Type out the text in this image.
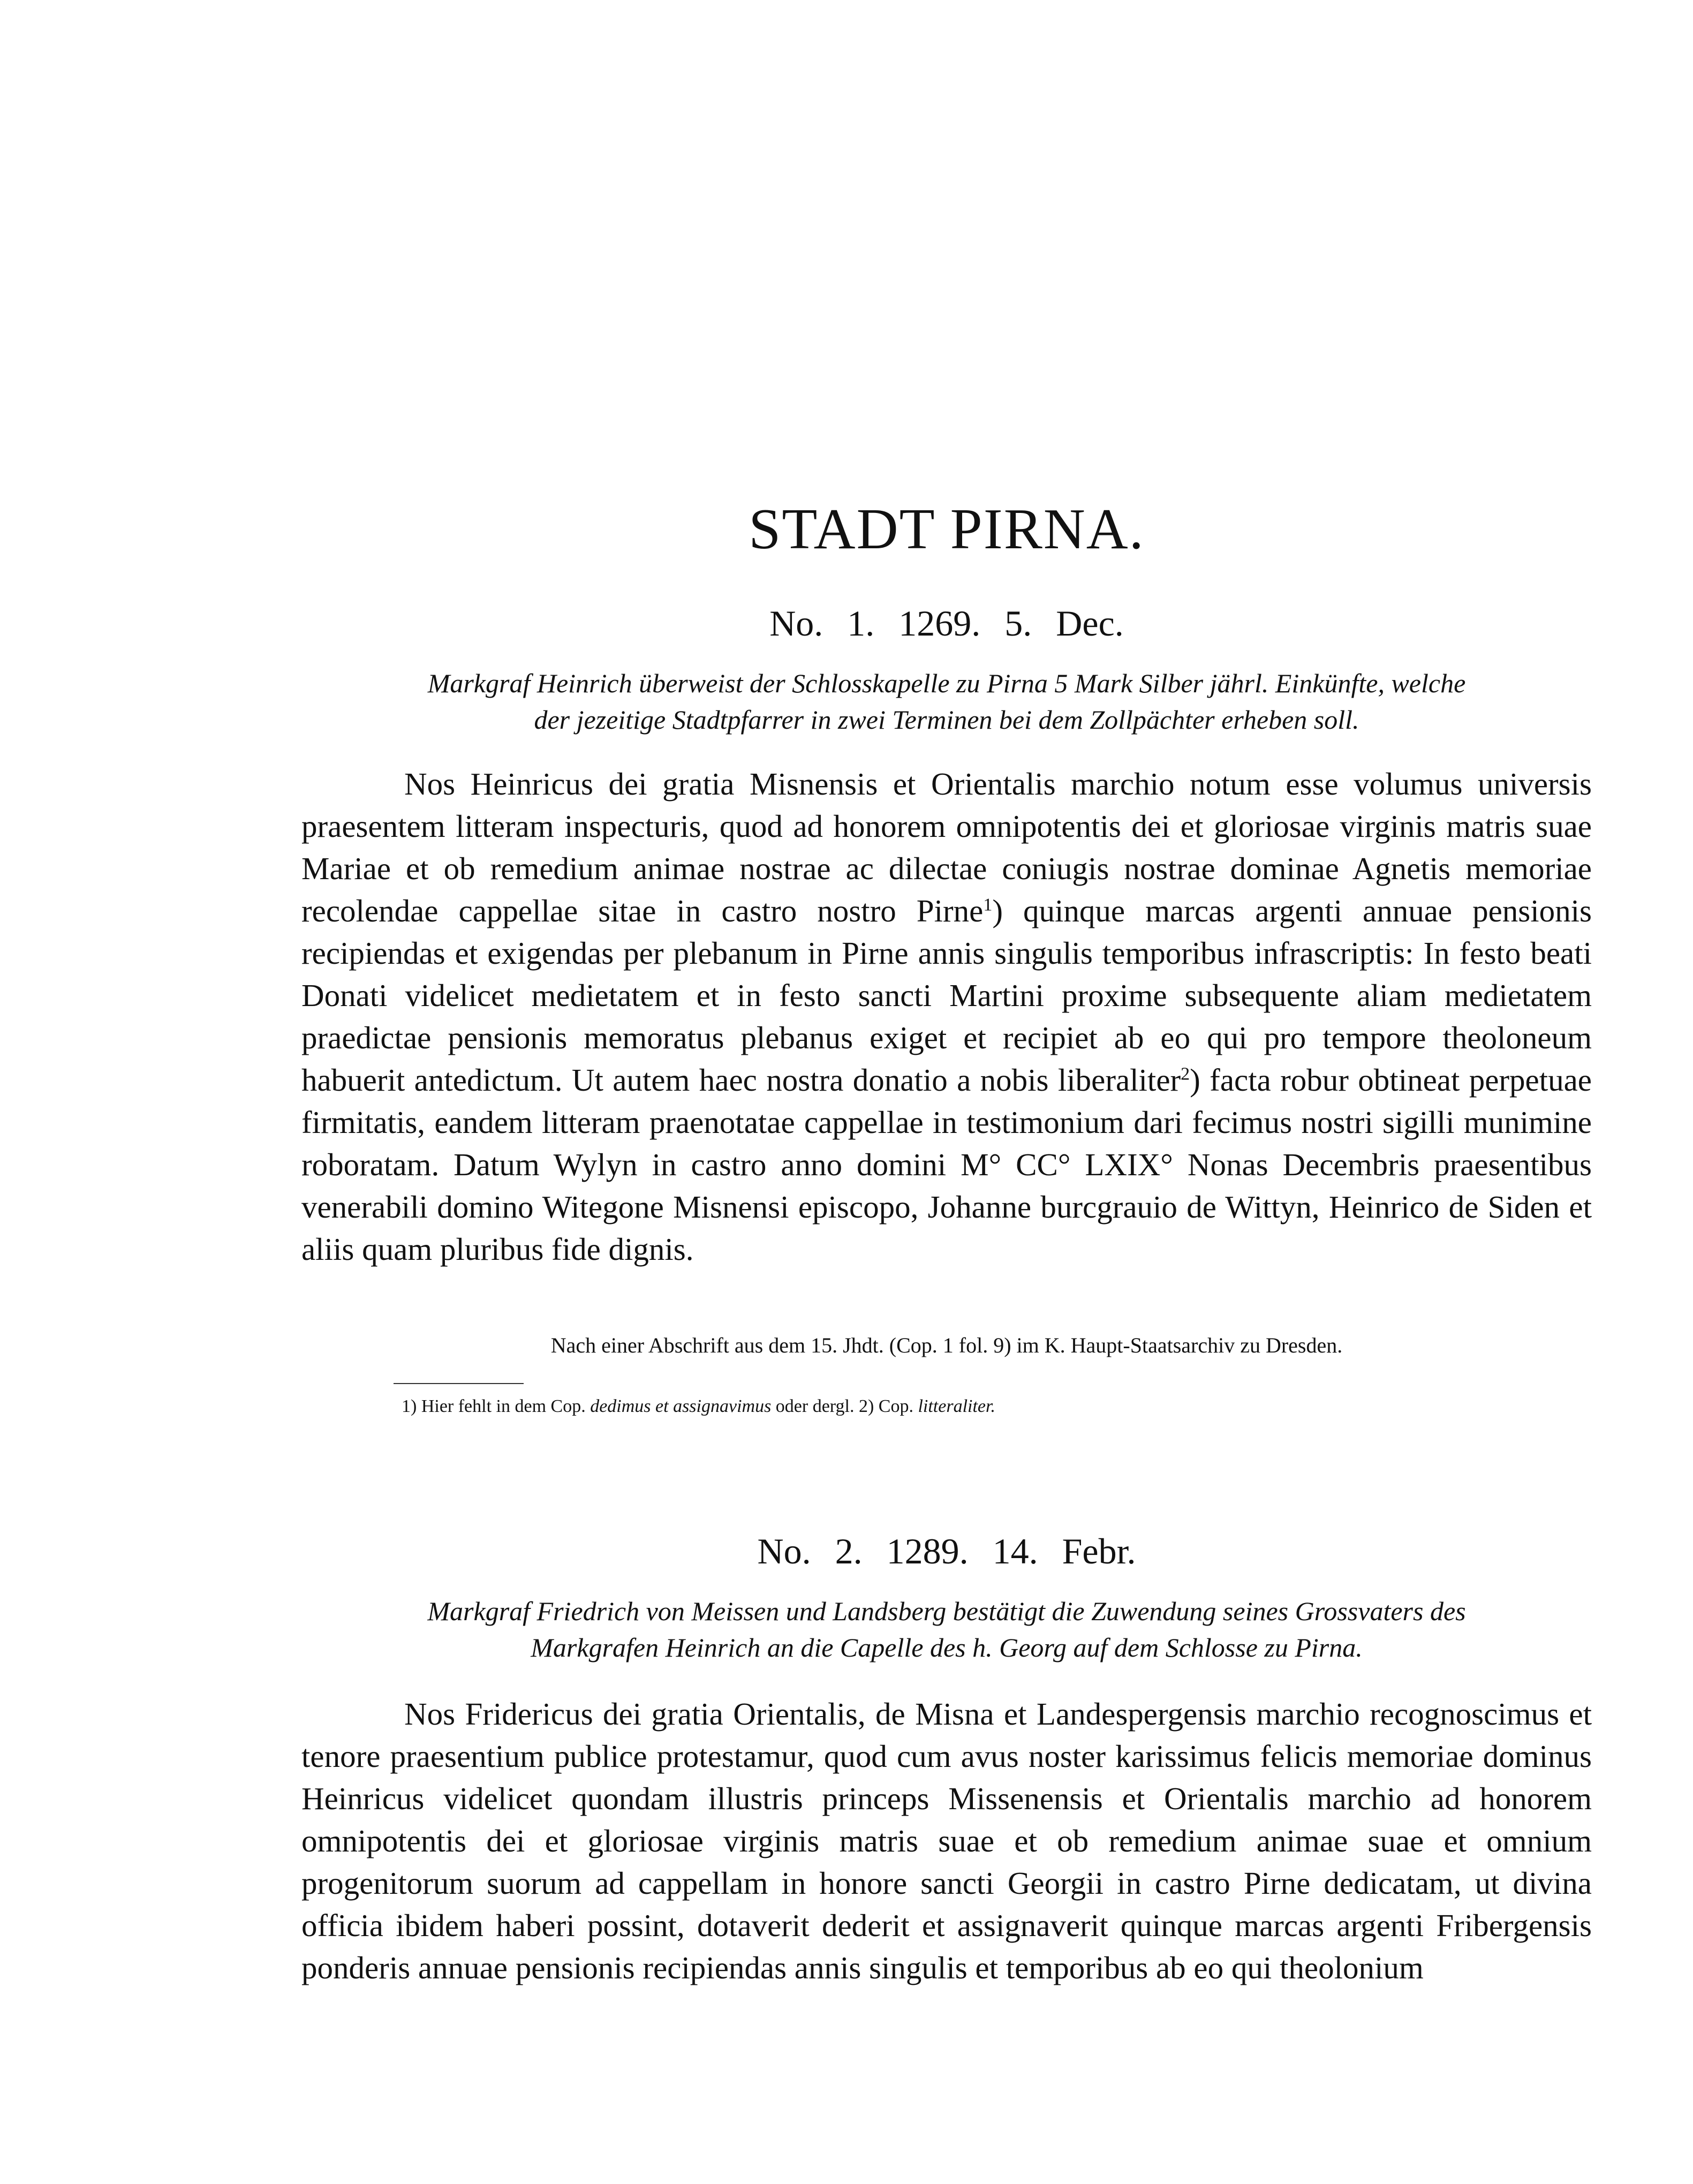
STADT PIRNA.
No. 1. 1269. 5. Dec.

Markgraf Heinrich überweist der Schlosskapelle zu Pirna 5 Mark Silber jährl. Einkünfte, welche
der jezeitige Stadtpfarrer in zwei Terminen bei dem Zollpächter erheben soll.

Nos Heinricus dei gratia Misnensis et Orientalis marchio notum esse volumus universis praesentem litteram inspecturis, quod ad honorem omnipotentis dei et gloriosae virginis matris suae Mariae et ob remedium animae nostrae ac dilectae coniugis nostrae dominae Agnetis memoriae recolendae cappellae sitae in castro nostro Pirne$^1$) quinque marcas argenti annuae pensionis recipiendas et exigendas per plebanum in Pirne annis singulis temporibus infrascriptis: In festo beati Donati videlicet medietatem et in festo sancti Martini proxime subsequente aliam medietatem praedictae pensionis memoratus plebanus exiget et recipiet ab eo qui pro tempore theoloneum habuerit antedictum. Ut autem haec nostra donatio a nobis liberaliter$^2$) facta robur obtineat perpetuae firmitatis, eandem litteram praenotatae cappellae in testimonium dari fecimus nostri sigilli munimine roboratam. Datum Wylyn in castro anno domini M° CC° LXIX° Nonas Decembris praesentibus venerabili domino Witegone Misnensi episcopo, Johanne burcgrauio de Wittyn, Heinrico de Siden et aliis quam pluribus fide dignis.

Nach einer Abschrift aus dem 15. Jhdt. (Cop. 1 fol. 9) im K. Haupt-Staatsarchiv zu Dresden.

1) Hier fehlt in dem Cop. dedimus et assignavimus oder dergl. 2) Cop. litteraliter.

No. 2. 1289. 14. Febr.

Markgraf Friedrich von Meissen und Landsberg bestätigt die Zuwendung seines Grossvaters des
Markgrafen Heinrich an die Capelle des h. Georg auf dem Schlosse zu Pirna.

Nos Fridericus dei gratia Orientalis, de Misna et Landespergensis marchio recognoscimus et tenore praesentium publice protestamur, quod cum avus noster karissimus felicis memoriae dominus Heinricus videlicet quondam illustris princeps Missenensis et Orientalis marchio ad honorem omnipotentis dei et gloriosae virginis matris suae et ob remedium animae suae et omnium progenitorum suorum ad cappellam in honore sancti Georgii in castro Pirne dedicatam, ut divina officia ibidem haberi possint, dotaverit dederit et assignaverit quinque marcas argenti Fribergensis ponderis annuae pensionis recipiendas annis singulis et temporibus ab eo qui theolonium
